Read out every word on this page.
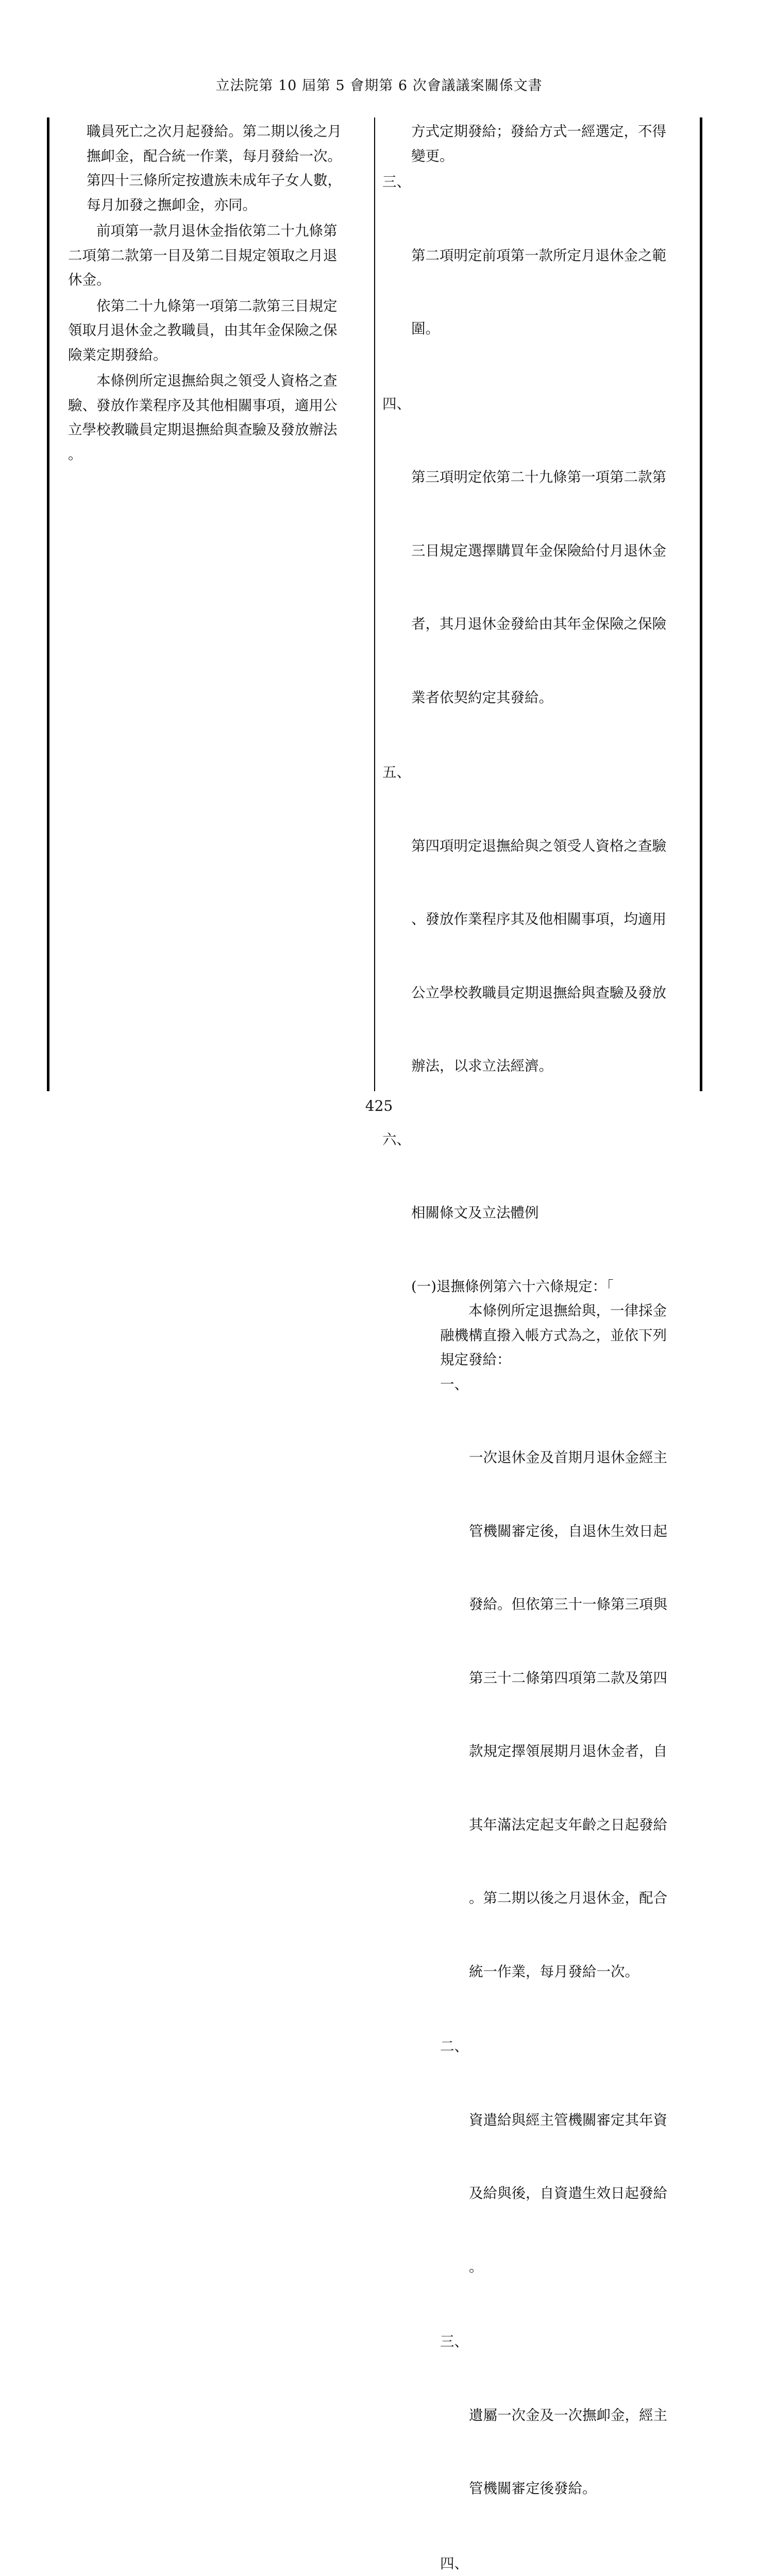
立法院第 10 屆第 5 會期第 6 次會議議案關係文書
職員死亡之次月起發給。第二期以後之月
撫卹金，配合統一作業，每月發給一次。
第四十三條所定按遺族未成年子女人數，
每月加發之撫卹金，亦同。
　　前項第一款月退休金指依第二十九條第
二項第二款第一目及第二目規定領取之月退
休金。
　　依第二十九條第一項第二款第三目規定
領取月退休金之教職員，由其年金保險之保
險業定期發給。
　　本條例所定退撫給與之領受人資格之查
驗、發放作業程序及其他相關事項，適用公
立學校教職員定期退撫給與查驗及發放辦法
。
方式定期發給；發給方式一經選定，不得
變更。

三、

第二項明定前項第一款所定月退休金之範

圍。

四、

第三項明定依第二十九條第一項第二款第

三目規定選擇購買年金保險給付月退休金

者，其月退休金發給由其年金保險之保險

業者依契約定其發給。

五、

第四項明定退撫給與之領受人資格之查驗

、發放作業程序其及他相關事項，均適用

公立學校教職員定期退撫給與查驗及發放

辦法，以求立法經濟。

六、

相關條文及立法體例

(一)退撫條例第六十六條規定：「
　　本條例所定退撫給與，一律採金
融機構直撥入帳方式為之，並依下列
規定發給：

一、

一次退休金及首期月退休金經主

管機關審定後，自退休生效日起

發給。但依第三十一條第三項與

第三十二條第四項第二款及第四

款規定擇領展期月退休金者，自

其年滿法定起支年齡之日起發給

。第二期以後之月退休金，配合

統一作業，每月發給一次。

二、

資遣給與經主管機關審定其年資

及給與後，自資遣生效日起發給

。

三、

遺屬一次金及一次撫卹金，經主

管機關審定後發給。

四、

425
